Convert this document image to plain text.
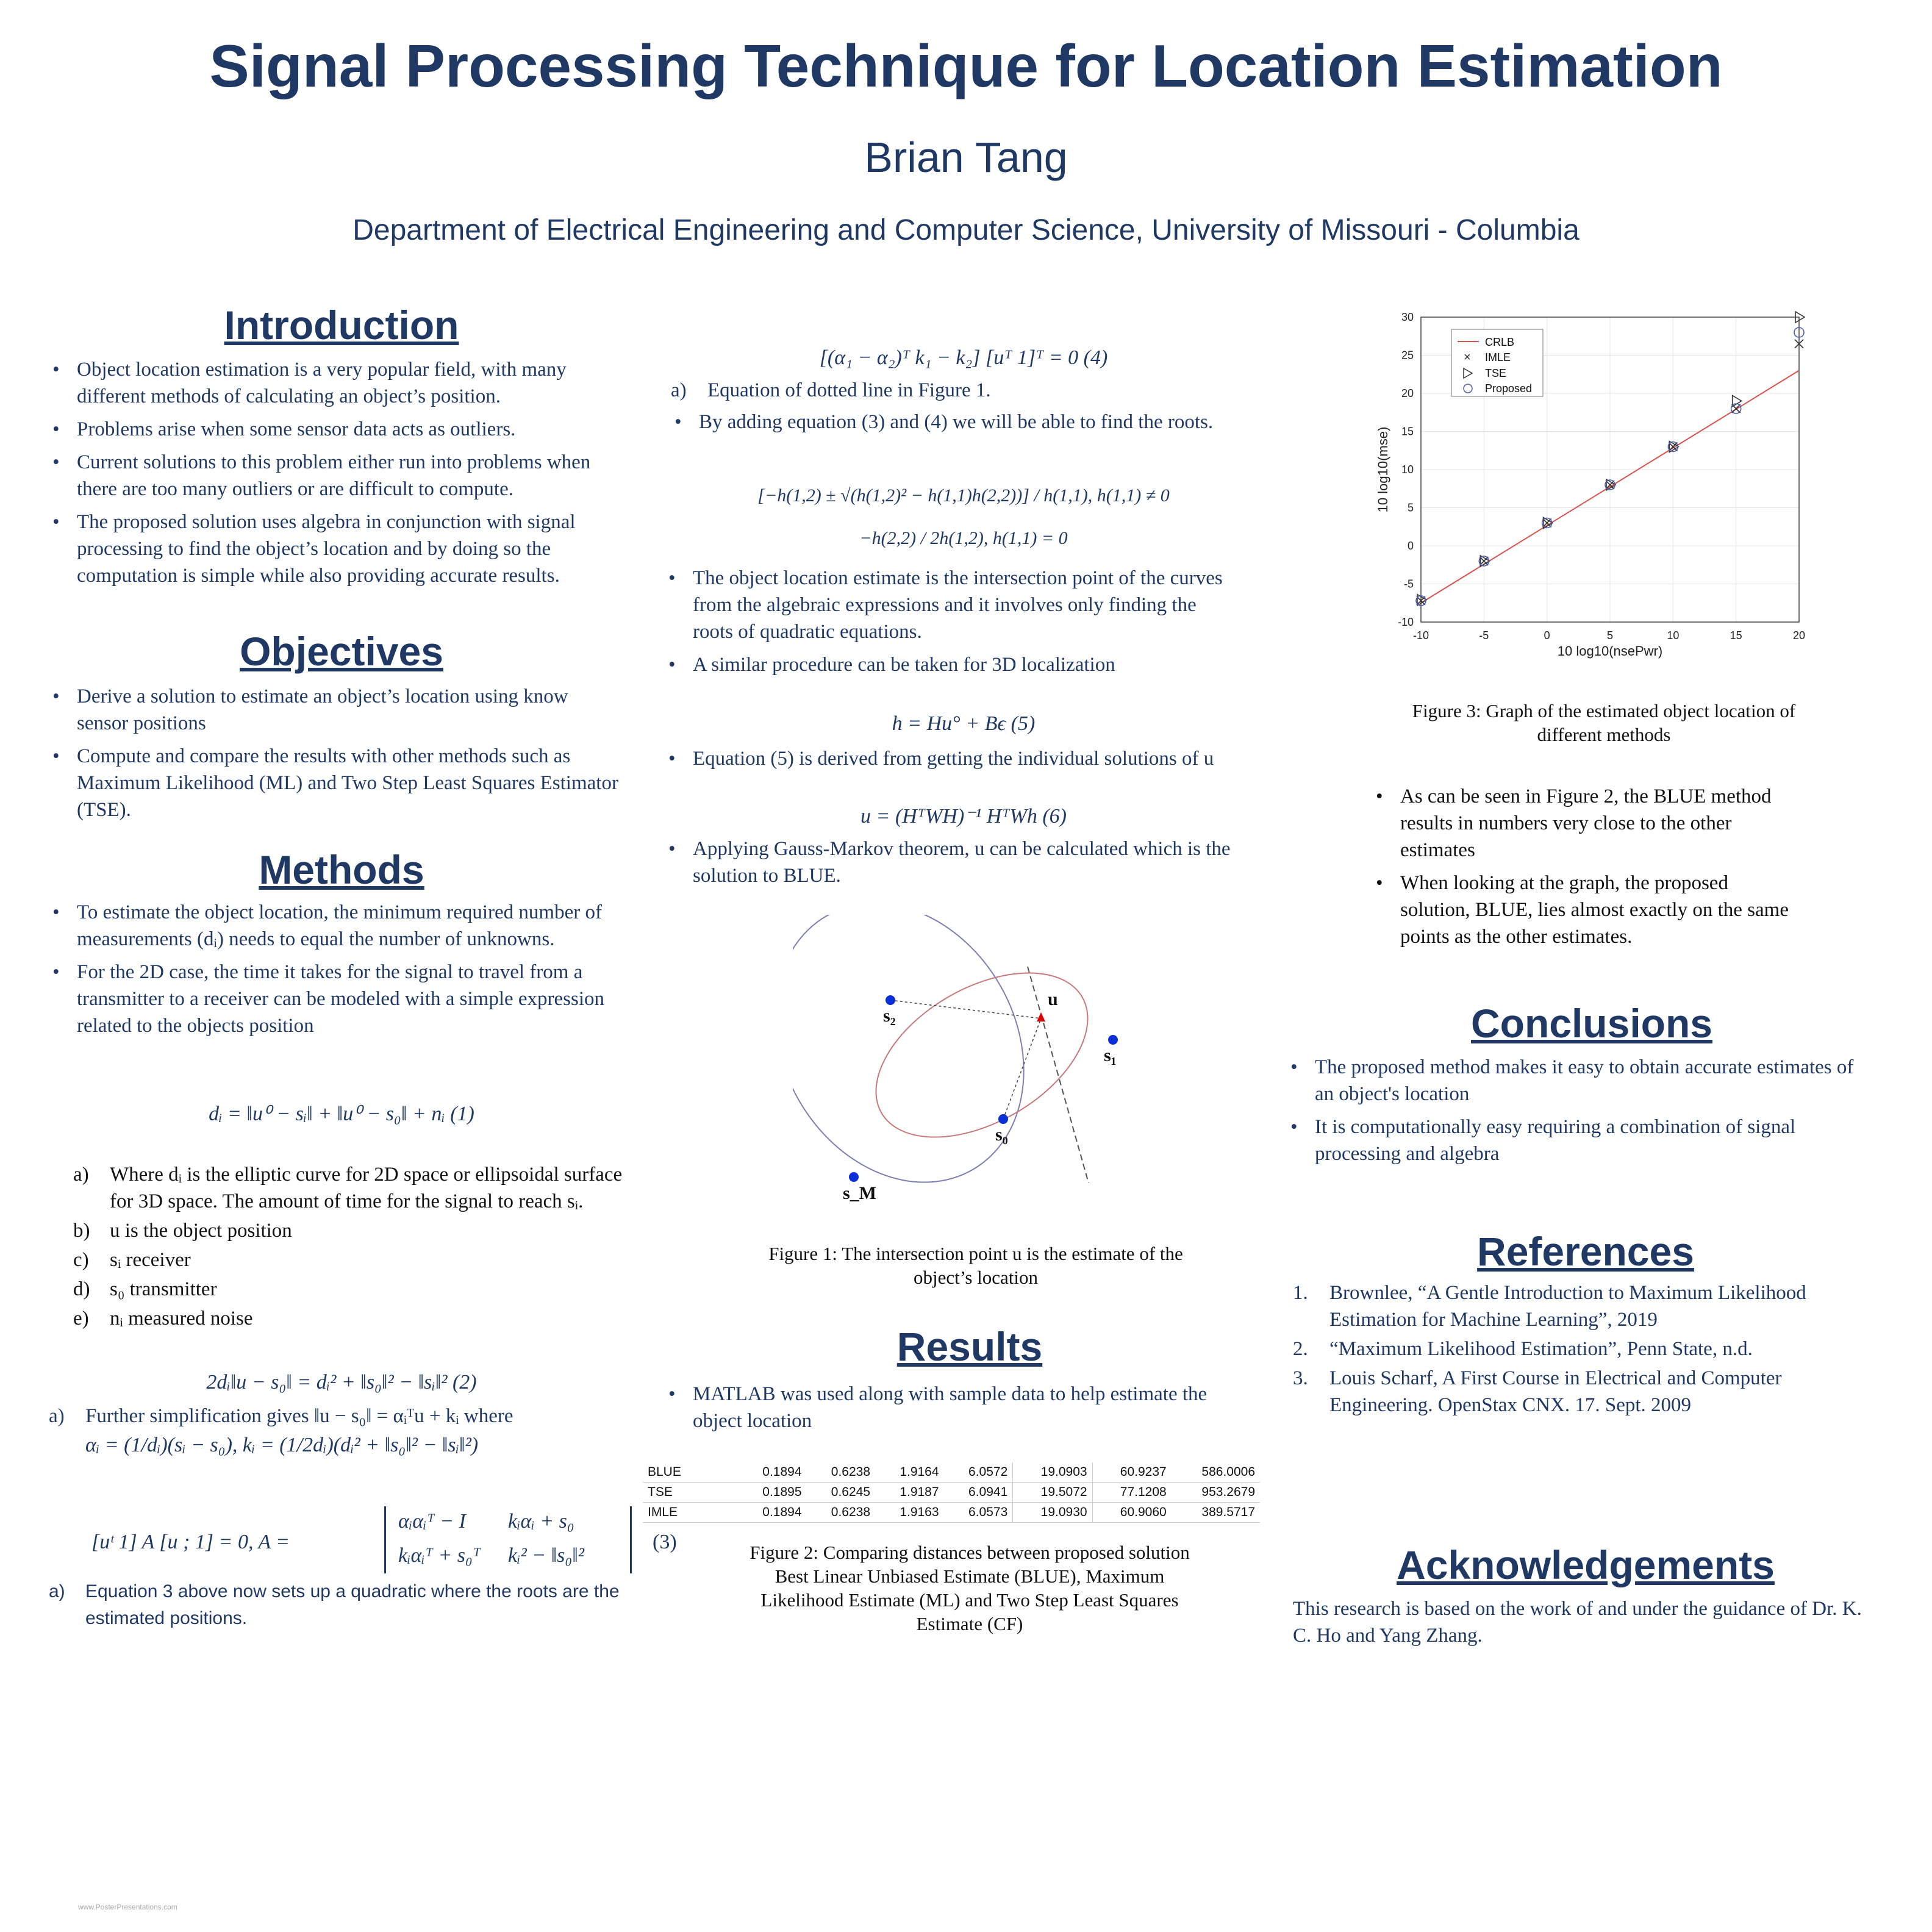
Signal Processing Technique for Location Estimation
Brian Tang
Department of Electrical Engineering and Computer Science, University of Missouri - Columbia
Introduction
• Object location estimation is a very popular field, with many different methods of calculating an object’s position.
• Problems arise when some sensor data acts as outliers.
• Current solutions to this problem either run into problems when there are too many outliers or are difficult to compute.
• The proposed solution uses algebra in conjunction with signal processing to find the object’s location and by doing so the computation is simple while also providing accurate results.
Objectives
• Derive a solution to estimate an object’s location using know sensor positions
• Compute and compare the results with other methods such as Maximum Likelihood (ML) and Two Step Least Squares Estimator (TSE).
Methods
• To estimate the object location, the minimum required number of measurements (dᵢ) needs to equal the number of unknowns.
• For the 2D case, the time it takes for the signal to travel from a transmitter to a receiver can be modeled with a simple expression related to the objects position
dᵢ = ‖u⁰ − sᵢ‖ + ‖u⁰ − s₀‖ + nᵢ (1)
a) Where dᵢ is the elliptic curve for 2D space or ellipsoidal surface for 3D space. The amount of time for the signal to reach sᵢ.
b) u is the object position
c) sᵢ receiver
d) s₀ transmitter
e) nᵢ measured noise
2dᵢ‖u − s₀‖ = dᵢ² + ‖s₀‖² − ‖sᵢ‖² (2)
a) Further simplification gives ‖u − s₀‖ = αᵢᵀu + kᵢ where
αᵢ = (1/dᵢ)(sᵢ − s₀), kᵢ = (1/2dᵢ)(dᵢ² + ‖s₀‖² − ‖sᵢ‖²)
[uᵗ 1] A [u ; 1] = 0, A =
αᵢαᵢᵀ − I kᵢαᵢ + s₀
kᵢαᵢᵀ + s₀ᵀ kᵢ² − ‖s₀‖²
(3)
a) Equation 3 above now sets up a quadratic where the roots are the estimated positions.
[(α₁ − α₂)ᵀ k₁ − k₂] [uᵀ 1]ᵀ = 0 (4)
a) Equation of dotted line in Figure 1.
• By adding equation (3) and (4) we will be able to find the roots.
[−h(1,2) ± √(h(1,2)² − h(1,1)h(2,2))] / h(1,1), h(1,1) ≠ 0
−h(2,2) / 2h(1,2), h(1,1) = 0
• The object location estimate is the intersection point of the curves from the algebraic expressions and it involves only finding the roots of quadratic equations.
• A similar procedure can be taken for 3D localization
h = Hu° + Bϵ (5)
• Equation (5) is derived from getting the individual solutions of u
u = (HᵀWH)⁻¹ HᵀWh (6)
• Applying Gauss-Markov theorem, u can be calculated which is the solution to BLUE.
s₂
u
s₁
s₀
s_M
Figure 1: The intersection point u is the estimate of the object’s location
Results
• MATLAB was used along with sample data to help estimate the object location
BLUE	0.1894	0.6238	1.9164	6.0572	19.0903	60.9237	586.0006
TSE	0.1895	0.6245	1.9187	6.0941	19.5072	77.1208	953.2679
IMLE	0.1894	0.6238	1.9163	6.0573	19.0930	60.9060	389.5717
Figure 2: Comparing distances between proposed solution Best Linear Unbiased Estimate (BLUE), Maximum Likelihood Estimate (ML) and Two Step Least Squares Estimate (CF)
-10	-5	0	5	10	15	20
-10
-5
0
5
10
15
20
25
30
CRLB
× IMLE
TSE
Proposed
10 log10(nsePwr)
10 log10(mse)
Figure 3: Graph of the estimated object location of different methods
• As can be seen in Figure 2, the BLUE method results in numbers very close to the other estimates
• When looking at the graph, the proposed solution, BLUE, lies almost exactly on the same points as the other estimates.
Conclusions
• The proposed method makes it easy to obtain accurate estimates of an object's location
• It is computationally easy requiring a combination of signal processing and algebra
References
1. Brownlee, “A Gentle Introduction to Maximum Likelihood Estimation for Machine Learning”, 2019
2. “Maximum Likelihood Estimation”, Penn State, n.d.
3. Louis Scharf, A First Course in Electrical and Computer Engineering. OpenStax CNX. 17. Sept. 2009
Acknowledgements
This research is based on the work of and under the guidance of Dr. K. C. Ho and Yang Zhang.
www.PosterPresentations.com
